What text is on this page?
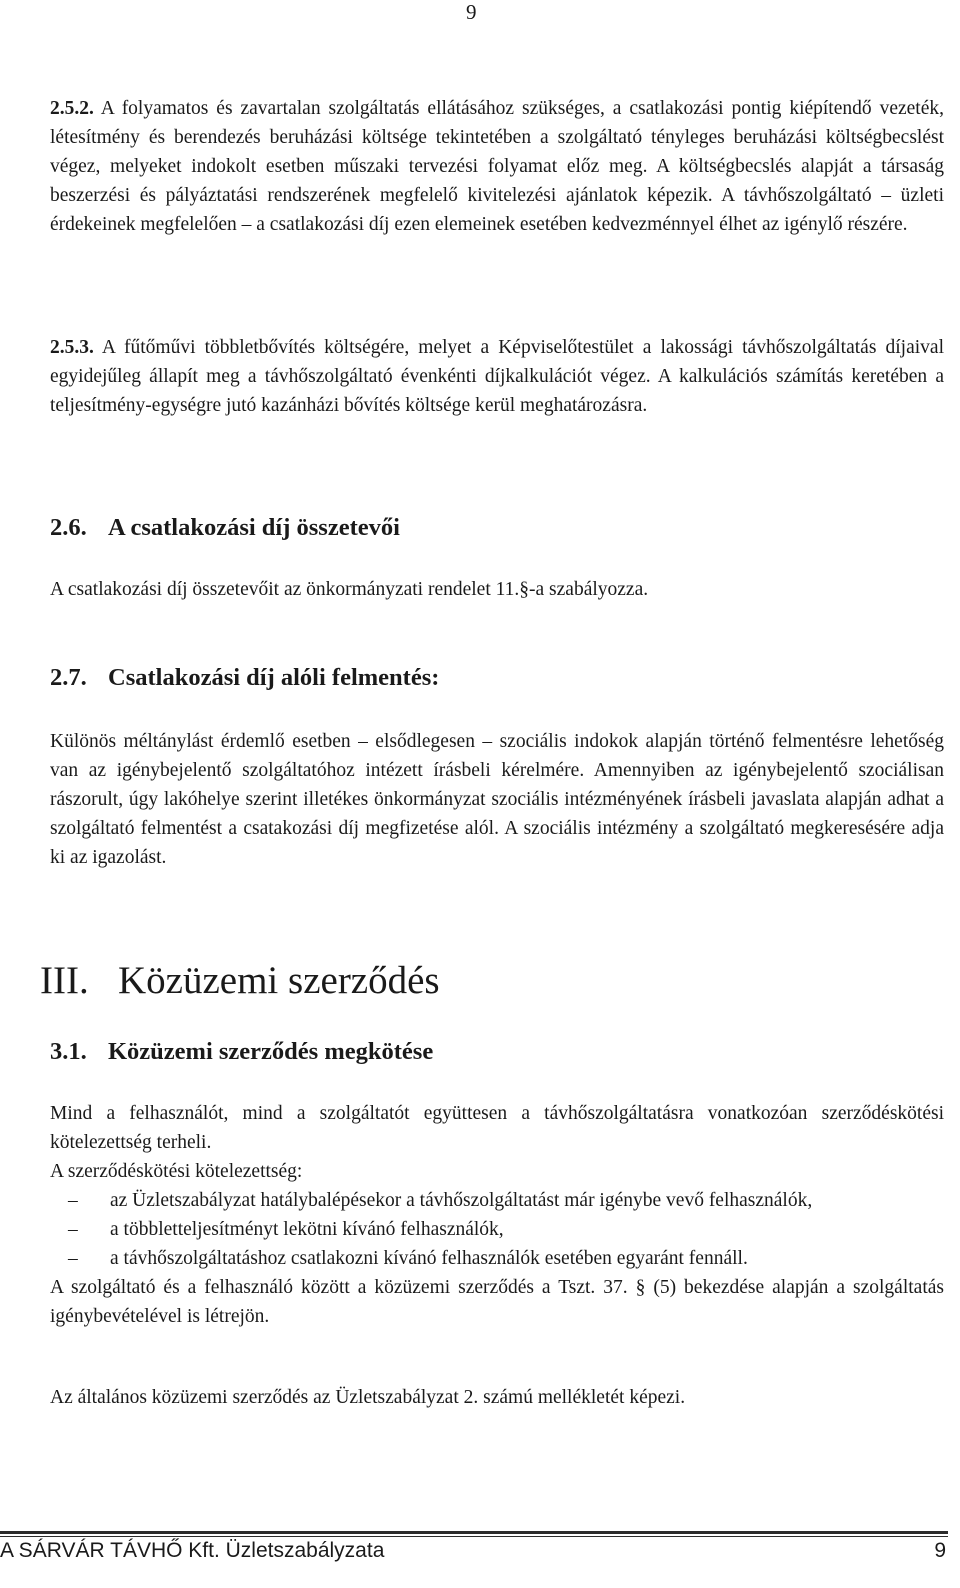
9

2.5.2. A folyamatos és zavartalan szolgáltatás ellátásához szükséges, a csatlakozási pontig kiépítendő vezeték, létesítmény és berendezés beruházási költsége tekintetében a szolgáltató tényleges beruházási költségbecslést végez, melyeket indokolt esetben műszaki tervezési folyamat előz meg. A költségbecslés alapját a társaság beszerzési és pályáztatási rendszerének megfelelő kivitelezési ajánlatok képezik. A távhőszolgáltató – üzleti érdekeinek megfelelően – a csatlakozási díj ezen elemeinek esetében kedvezménnyel élhet az igénylő részére.

2.5.3. A fűtőművi többletbővítés költségére, melyet a Képviselőtestület a lakossági távhőszolgáltatás díjaival egyidejűleg állapít meg a távhőszolgáltató évenkénti díjkalkulációt végez. A kalkulációs számítás keretében a teljesítmény-egységre jutó kazánházi bővítés költsége kerül meghatározásra.

2.6. A csatlakozási díj összetevői

A csatlakozási díj összetevőit az önkormányzati rendelet 11.§-a szabályozza.

2.7. Csatlakozási díj alóli felmentés:

Különös méltánylást érdemlő esetben – elsődlegesen – szociális indokok alapján történő felmentésre lehetőség van az igénybejelentő szolgáltatóhoz intézett írásbeli kérelmére. Amennyiben az igénybejelentő szociálisan rászorult, úgy lakóhelye szerint illetékes önkormányzat szociális intézményének írásbeli javaslata alapján adhat a szolgáltató felmentést a csatakozási díj megfizetése alól. A szociális intézmény a szolgáltató megkeresésére adja ki az igazolást.

III. Közüzemi szerződés
3.1. Közüzemi szerződés megkötése

Mind a felhasználót, mind a szolgáltatót együttesen a távhőszolgáltatásra vonatkozóan szerződéskötési kötelezettség terheli.

A szerződéskötési kötelezettség:

– az Üzletszabályzat hatálybalépésekor a távhőszolgáltatást már igénybe vevő felhasználók,
– a többletteljesítményt lekötni kívánó felhasználók,
– a távhőszolgáltatáshoz csatlakozni kívánó felhasználók esetében egyaránt fennáll.

A szolgáltató és a felhasználó között a közüzemi szerződés a Tszt. 37. § (5) bekezdése alapján a szolgáltatás igénybevételével is létrejön.

Az általános közüzemi szerződés az Üzletszabályzat 2. számú mellékletét képezi.

A SÁRVÁR TÁVHŐ Kft. Üzletszabályzata	9
